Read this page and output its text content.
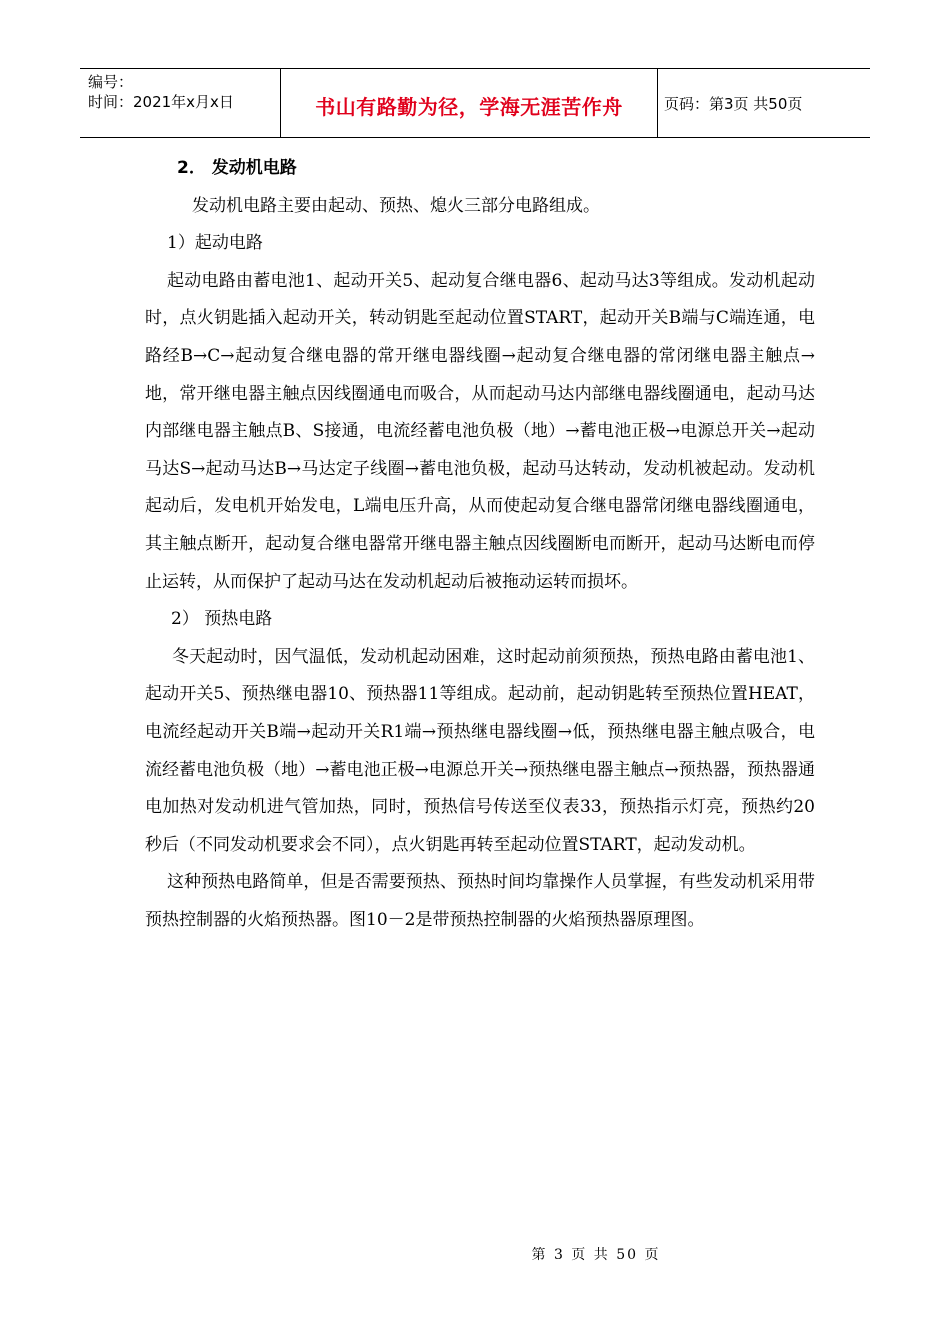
编号：
时间：2021年x月x日	书山有路勤为径，学海无涯苦作舟	页码：第3页 共50页

2． 发动机电路

发动机电路主要由起动、预热、熄火三部分电路组成。

1）起动电路

起动电路由蓄电池1、起动开关5、起动复合继电器6、起动马达3等组成。发动机起动时，点火钥匙插入起动开关，转动钥匙至起动位置START，起动开关B端与C端连通，电路经B→C→起动复合继电器的常开继电器线圈→起动复合继电器的常闭继电器主触点→地，常开继电器主触点因线圈通电而吸合，从而起动马达内部继电器线圈通电，起动马达内部继电器主触点B、S接通，电流经蓄电池负极（地）→蓄电池正极→电源总开关→起动马达S→起动马达B→马达定子线圈→蓄电池负极，起动马达转动，发动机被起动。发动机起动后，发电机开始发电，L端电压升高，从而使起动复合继电器常闭继电器线圈通电，其主触点断开，起动复合继电器常开继电器主触点因线圈断电而断开，起动马达断电而停止运转，从而保护了起动马达在发动机起动后被拖动运转而损坏。

2） 预热电路

冬天起动时，因气温低，发动机起动困难，这时起动前须预热，预热电路由蓄电池1、起动开关5、预热继电器10、预热器11等组成。起动前，起动钥匙转至预热位置HEAT，电流经起动开关B端→起动开关R1端→预热继电器线圈→低，预热继电器主触点吸合，电流经蓄电池负极（地）→蓄电池正极→电源总开关→预热继电器主触点→预热器，预热器通电加热对发动机进气管加热，同时，预热信号传送至仪表33，预热指示灯亮，预热约20秒后（不同发动机要求会不同），点火钥匙再转至起动位置START，起动发动机。

这种预热电路简单，但是否需要预热、预热时间均靠操作人员掌握，有些发动机采用带预热控制器的火焰预热器。图10－2是带预热控制器的火焰预热器原理图。

第 3 页 共 50 页
